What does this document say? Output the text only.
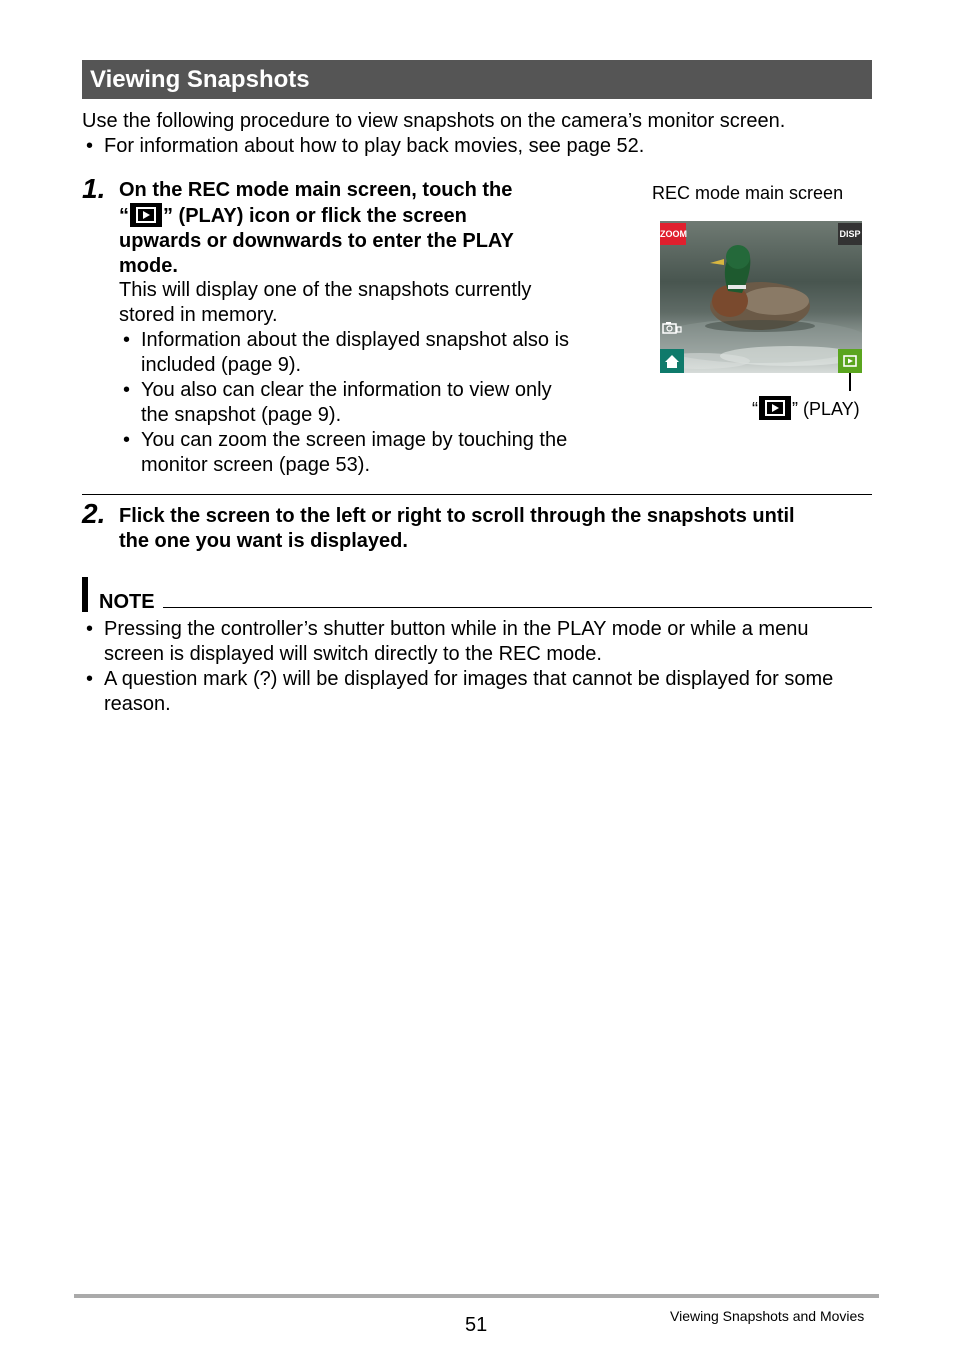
Viewing Snapshots
Use the following procedure to view snapshots on the camera’s monitor screen.
• For information about how to play back movies, see page 52.
1. On the REC mode main screen, touch the
“ ” (PLAY) icon or flick the screen
upwards or downwards to enter the PLAY
mode.
This will display one of the snapshots currently
stored in memory.
• Information about the displayed snapshot also is
included (page 9).
• You also can clear the information to view only
the snapshot (page 9).
• You can zoom the screen image by touching the
monitor screen (page 53).
REC mode main screen
ZOOM	DISP
“ ” (PLAY)
2. Flick the screen to the left or right to scroll through the snapshots until
the one you want is displayed.
NOTE
• Pressing the controller’s shutter button while in the PLAY mode or while a menu
screen is displayed will switch directly to the REC mode.
• A question mark (?) will be displayed for images that cannot be displayed for some
reason.
51	Viewing Snapshots and Movies
